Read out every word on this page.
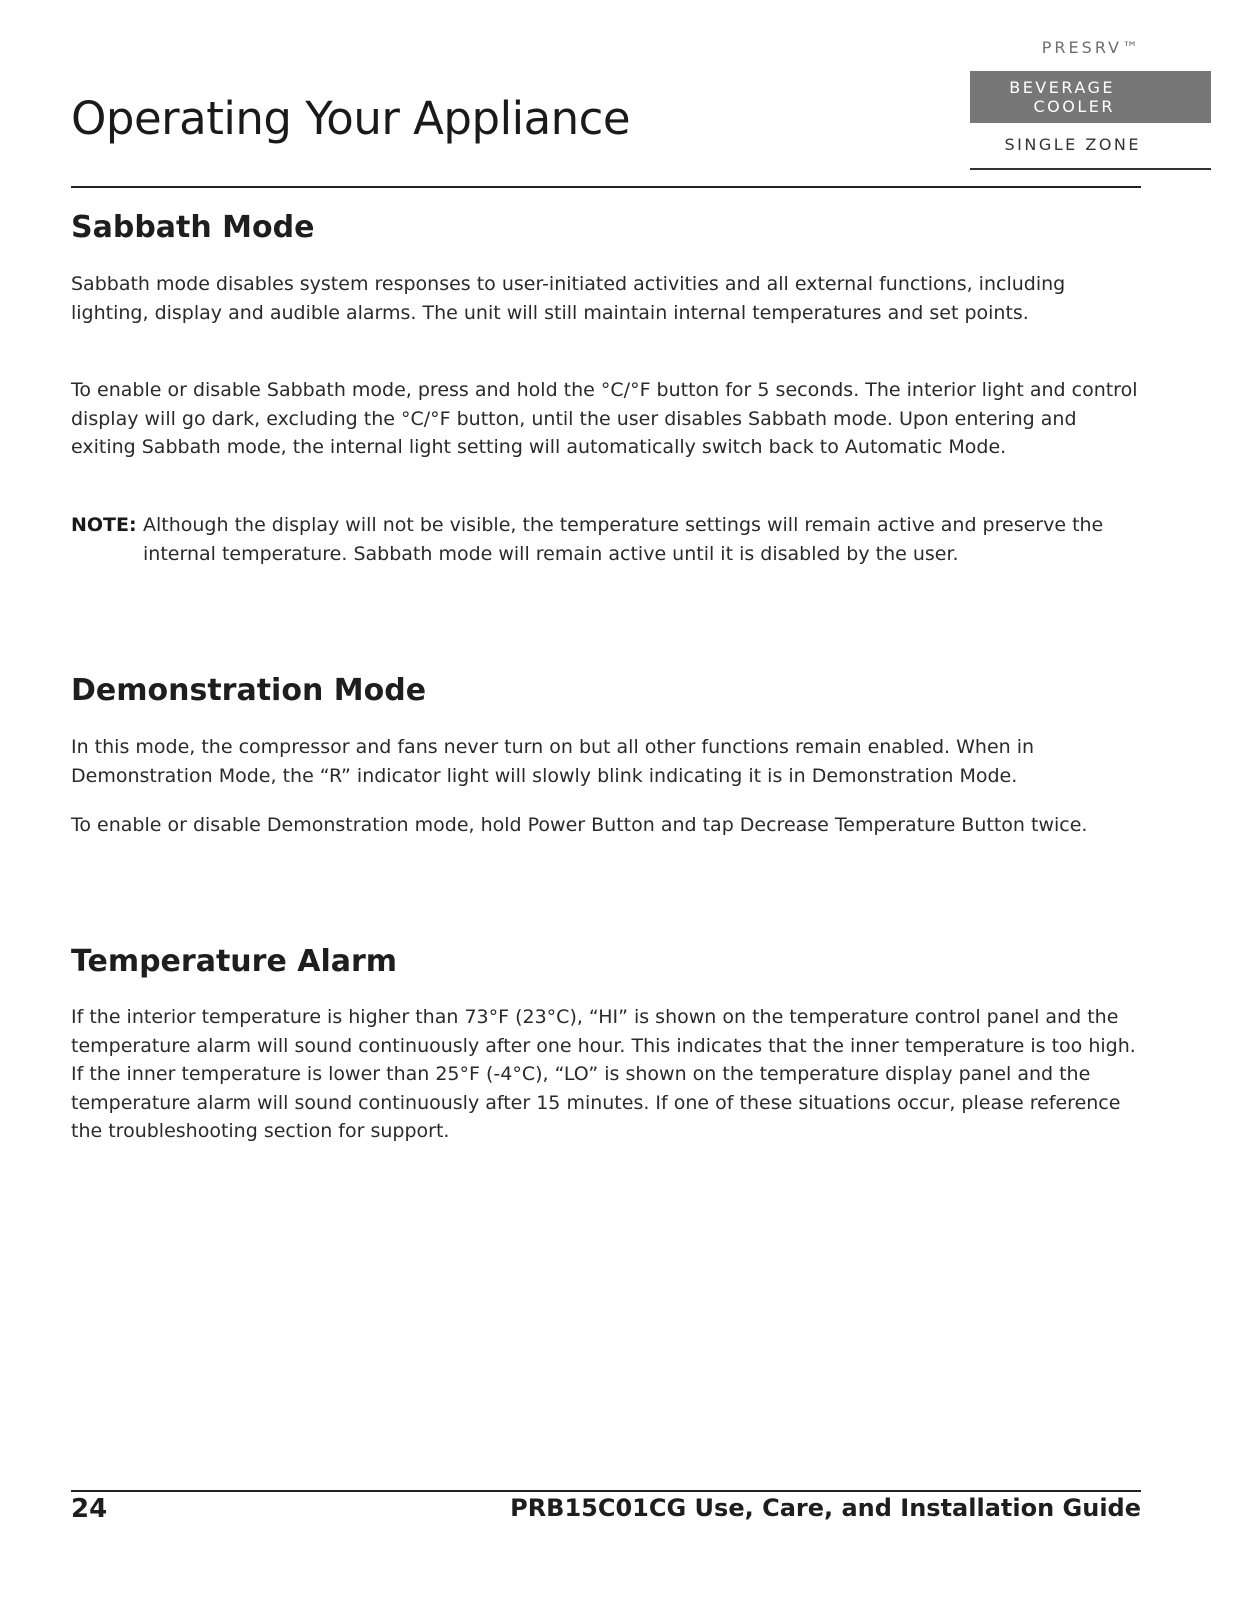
Operating Your Appliance
PRESRV™
BEVERAGE
COOLER
SINGLE ZONE
Sabbath Mode

Sabbath mode disables system responses to user-initiated activities and all external functions, including lighting, display and audible alarms. The unit will still maintain internal temperatures and set points.

To enable or disable Sabbath mode, press and hold the °C/°F button for 5 seconds. The interior light and control display will go dark, excluding the °C/°F button, until the user disables Sabbath mode. Upon entering and exiting Sabbath mode, the internal light setting will automatically switch back to Automatic Mode.

NOTE: Although the display will not be visible, the temperature settings will remain active and preserve the internal temperature. Sabbath mode will remain active until it is disabled by the user.
Demonstration Mode

In this mode, the compressor and fans never turn on but all other functions remain enabled. When in Demonstration Mode, the “R” indicator light will slowly blink indicating it is in Demonstration Mode.

To enable or disable Demonstration mode, hold Power Button and tap Decrease Temperature Button twice.

Temperature Alarm

If the interior temperature is higher than 73°F (23°C), “HI” is shown on the temperature control panel and the temperature alarm will sound continuously after one hour. This indicates that the inner temperature is too high. If the inner temperature is lower than 25°F (-4°C), “LO” is shown on the temperature display panel and the temperature alarm will sound continuously after 15 minutes. If one of these situations occur, please reference the troubleshooting section for support.

24	PRB15C01CG Use, Care, and Installation Guide
